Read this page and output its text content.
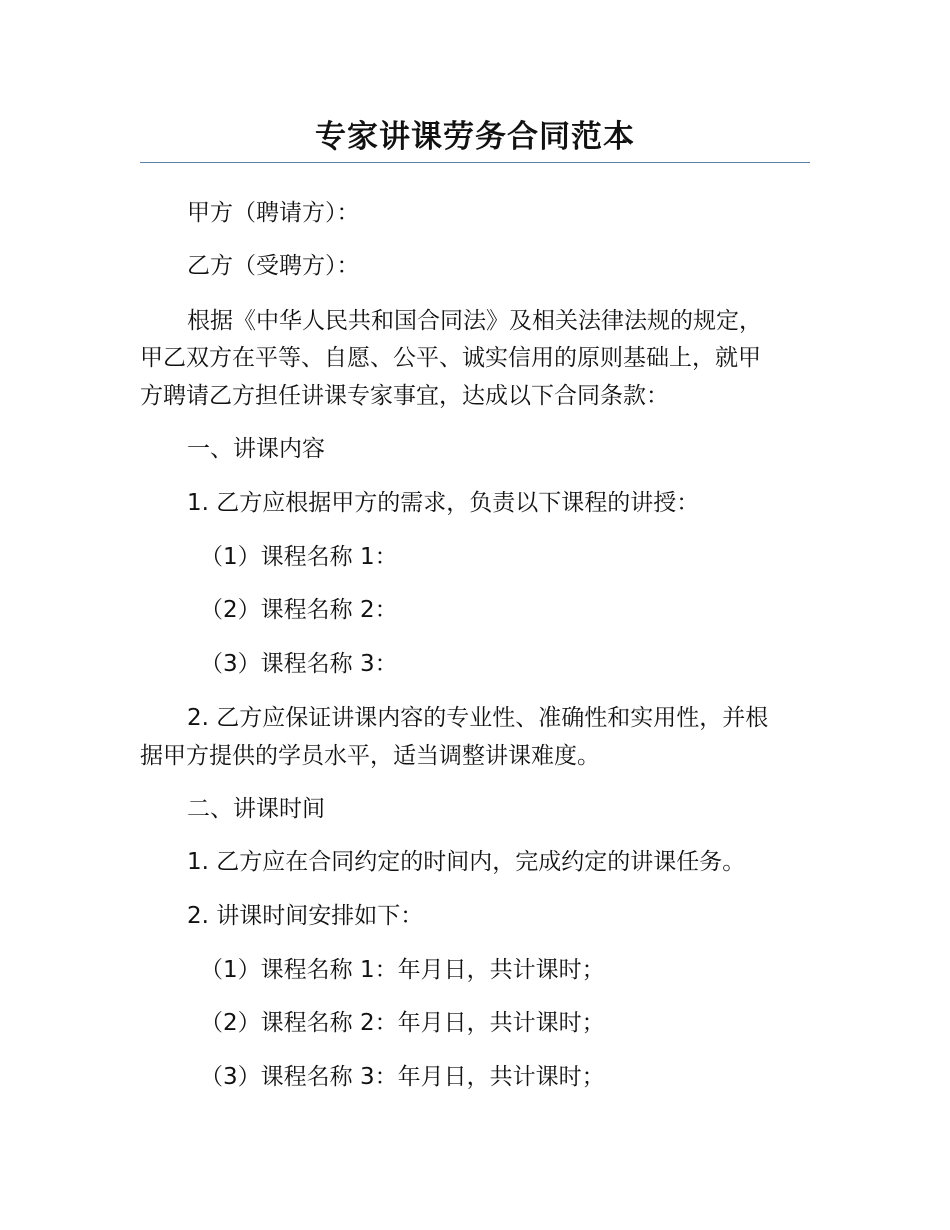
专家讲课劳务合同范本
甲方（聘请方）：
乙方（受聘方）：
根据《中华人民共和国合同法》及相关法律法规的规定，
甲乙双方在平等、自愿、公平、诚实信用的原则基础上，就甲
方聘请乙方担任讲课专家事宜，达成以下合同条款：
一、讲课内容
1. 乙方应根据甲方的需求，负责以下课程的讲授：
（1）课程名称 1：
（2）课程名称 2：
（3）课程名称 3：
2. 乙方应保证讲课内容的专业性、准确性和实用性，并根
据甲方提供的学员水平，适当调整讲课难度。
二、讲课时间
1. 乙方应在合同约定的时间内，完成约定的讲课任务。
2. 讲课时间安排如下：
（1）课程名称 1：年月日，共计课时；
（2）课程名称 2：年月日，共计课时；
（3）课程名称 3：年月日，共计课时；
